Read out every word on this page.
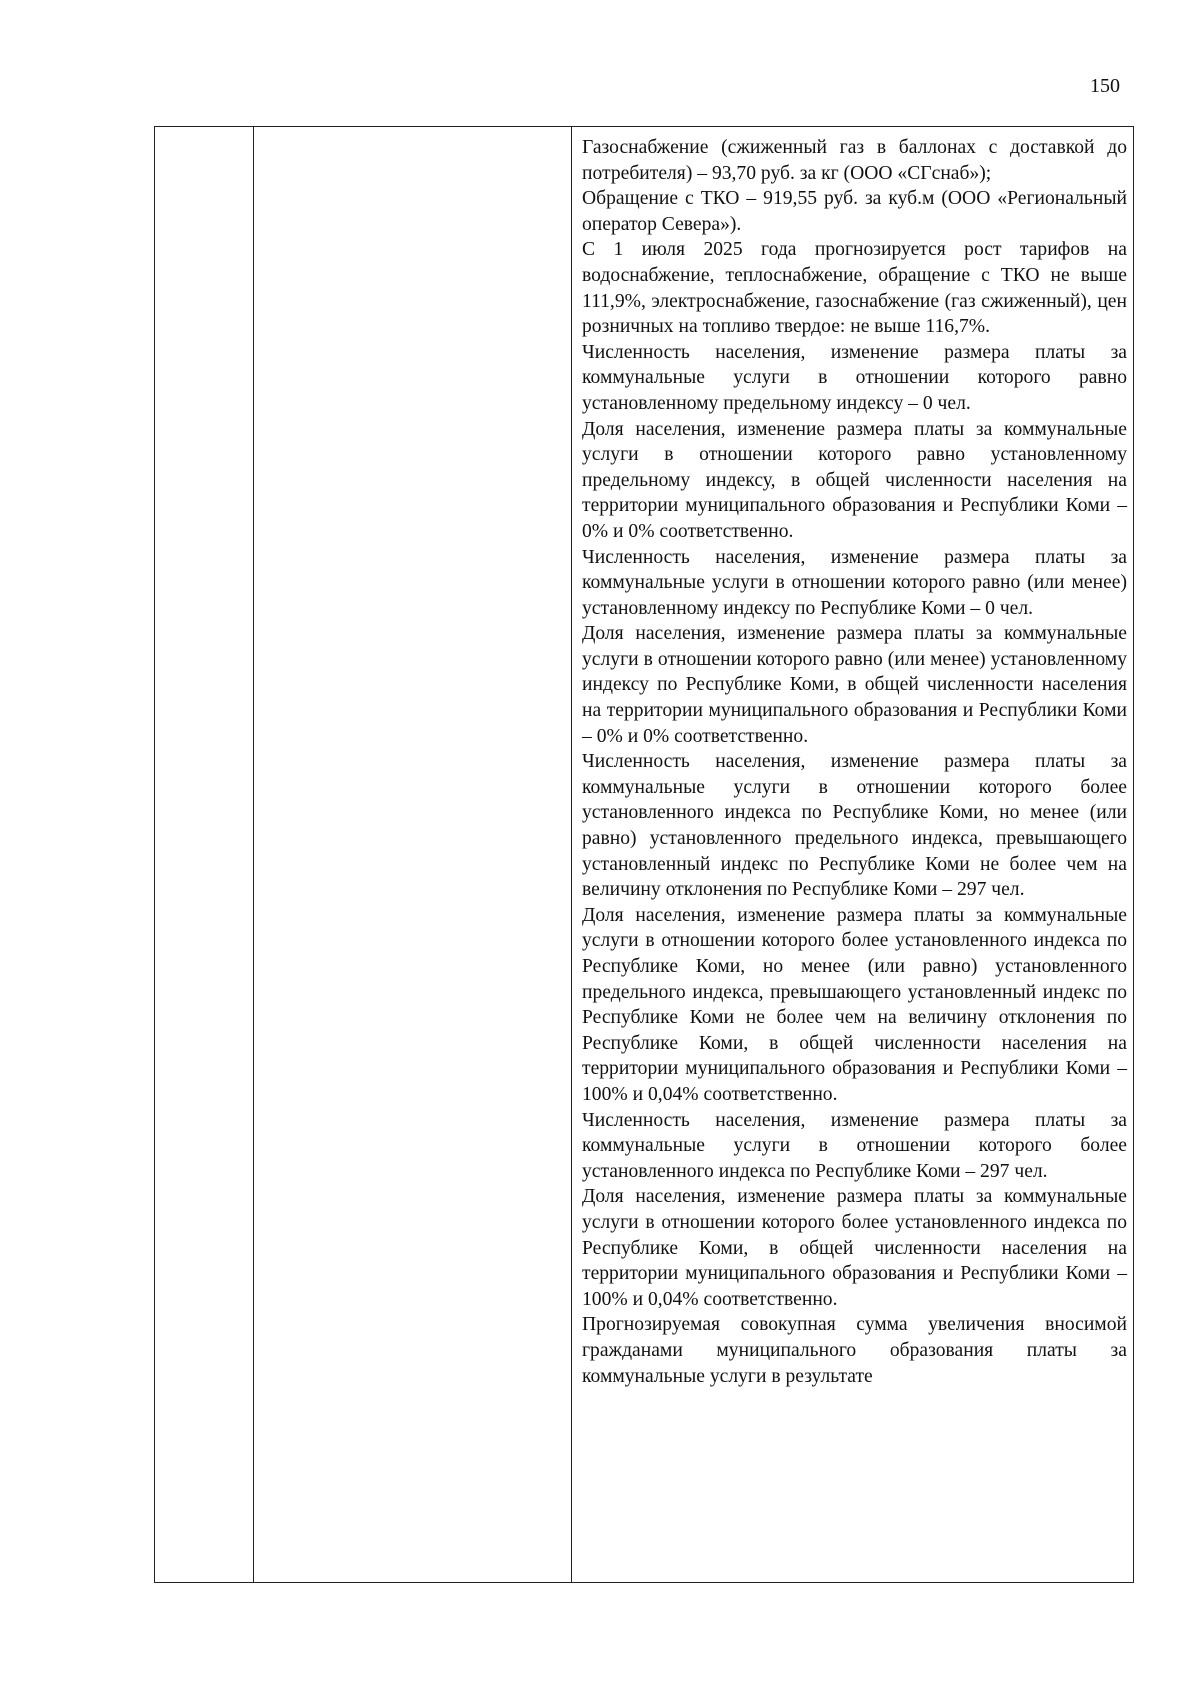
150

Газоснабжение (сжиженный газ в баллонах с доставкой до потребителя) – 93,70 руб. за кг (ООО «СГснаб»);

Обращение с ТКО – 919,55 руб. за куб.м (ООО «Региональный оператор Севера»).

С 1 июля 2025 года прогнозируется рост тарифов на водоснабжение, теплоснабжение, обращение с ТКО не выше 111,9%, электроснабжение, газоснабжение (газ сжиженный), цен розничных на топливо твердое: не выше 116,7%.

Численность населения, изменение размера платы за коммунальные услуги в отношении которого равно установленному предельному индексу – 0 чел.

Доля населения, изменение размера платы за коммунальные услуги в отношении которого равно установленному предельному индексу, в общей численности населения на территории муниципального образования и Республики Коми – 0% и 0% соответственно.

Численность населения, изменение размера платы за коммунальные услуги в отношении которого равно (или менее) установленному индексу по Республике Коми – 0 чел.

Доля населения, изменение размера платы за коммунальные услуги в отношении которого равно (или менее) установленному индексу по Республике Коми, в общей численности населения на территории муниципального образования и Республики Коми – 0% и 0% соответственно.

Численность населения, изменение размера платы за коммунальные услуги в отношении которого более установленного индекса по Республике Коми, но менее (или равно) установленного предельного индекса, превышающего установленный индекс по Республике Коми не более чем на величину отклонения по Республике Коми – 297 чел.

Доля населения, изменение размера платы за коммунальные услуги в отношении которого более установленного индекса по Республике Коми, но менее (или равно) установленного предельного индекса, превышающего установленный индекс по Республике Коми не более чем на величину отклонения по Республике Коми, в общей численности населения на территории муниципального образования и Республики Коми – 100% и 0,04% соответственно.

Численность населения, изменение размера платы за коммунальные услуги в отношении которого более установленного индекса по Республике Коми – 297 чел.

Доля населения, изменение размера платы за коммунальные услуги в отношении которого более установленного индекса по Республике Коми, в общей численности населения на территории муниципального образования и Республики Коми – 100% и 0,04% соответственно.

Прогнозируемая совокупная сумма увеличения вносимой гражданами муниципального образования платы за коммунальные услуги в результате
